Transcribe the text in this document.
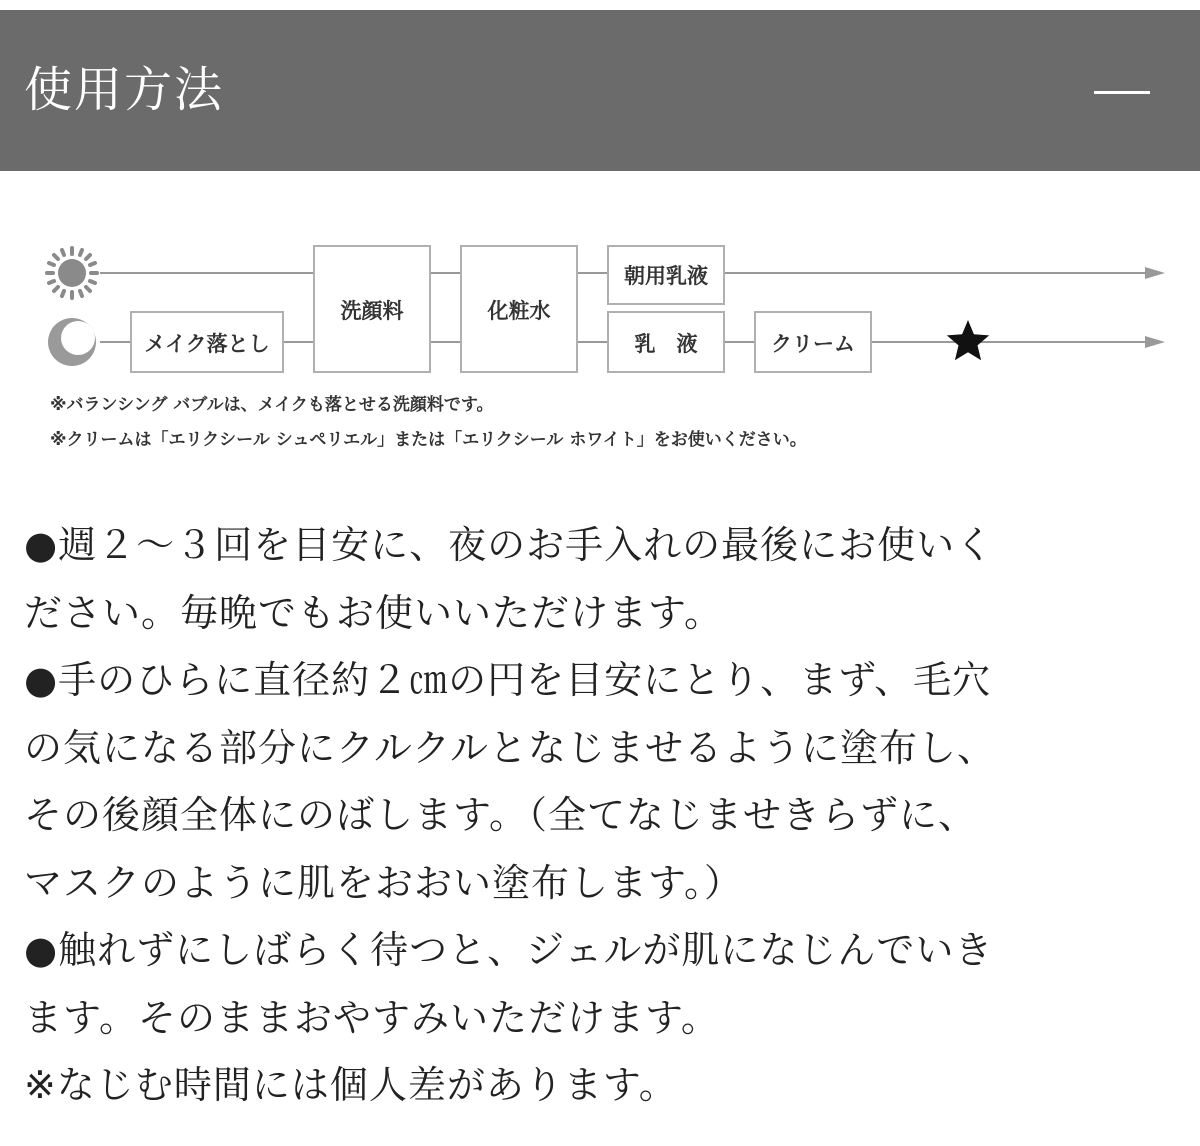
使用方法
メイク落とし
洗顔料	化粧水
朝用乳液
乳　液	クリーム
※バランシング バブルは、メイクも落とせる洗顔料です。
※クリームは「エリクシール シュペリエル」または「エリクシール ホワイト」をお使いください。

●週２～３回を目安に、夜のお手入れの最後にお使いく

ださい。毎晩でもお使いいただけます。

●手のひらに直径約２㎝の円を目安にとり、まず、毛穴

の気になる部分にクルクルとなじませるように塗布し、

その後顔全体にのばします。（全てなじませきらずに、

マスクのように肌をおおい塗布します。）

●触れずにしばらく待つと、ジェルが肌になじんでいき

ます。そのままおやすみいただけます。

※なじむ時間には個人差があります。
